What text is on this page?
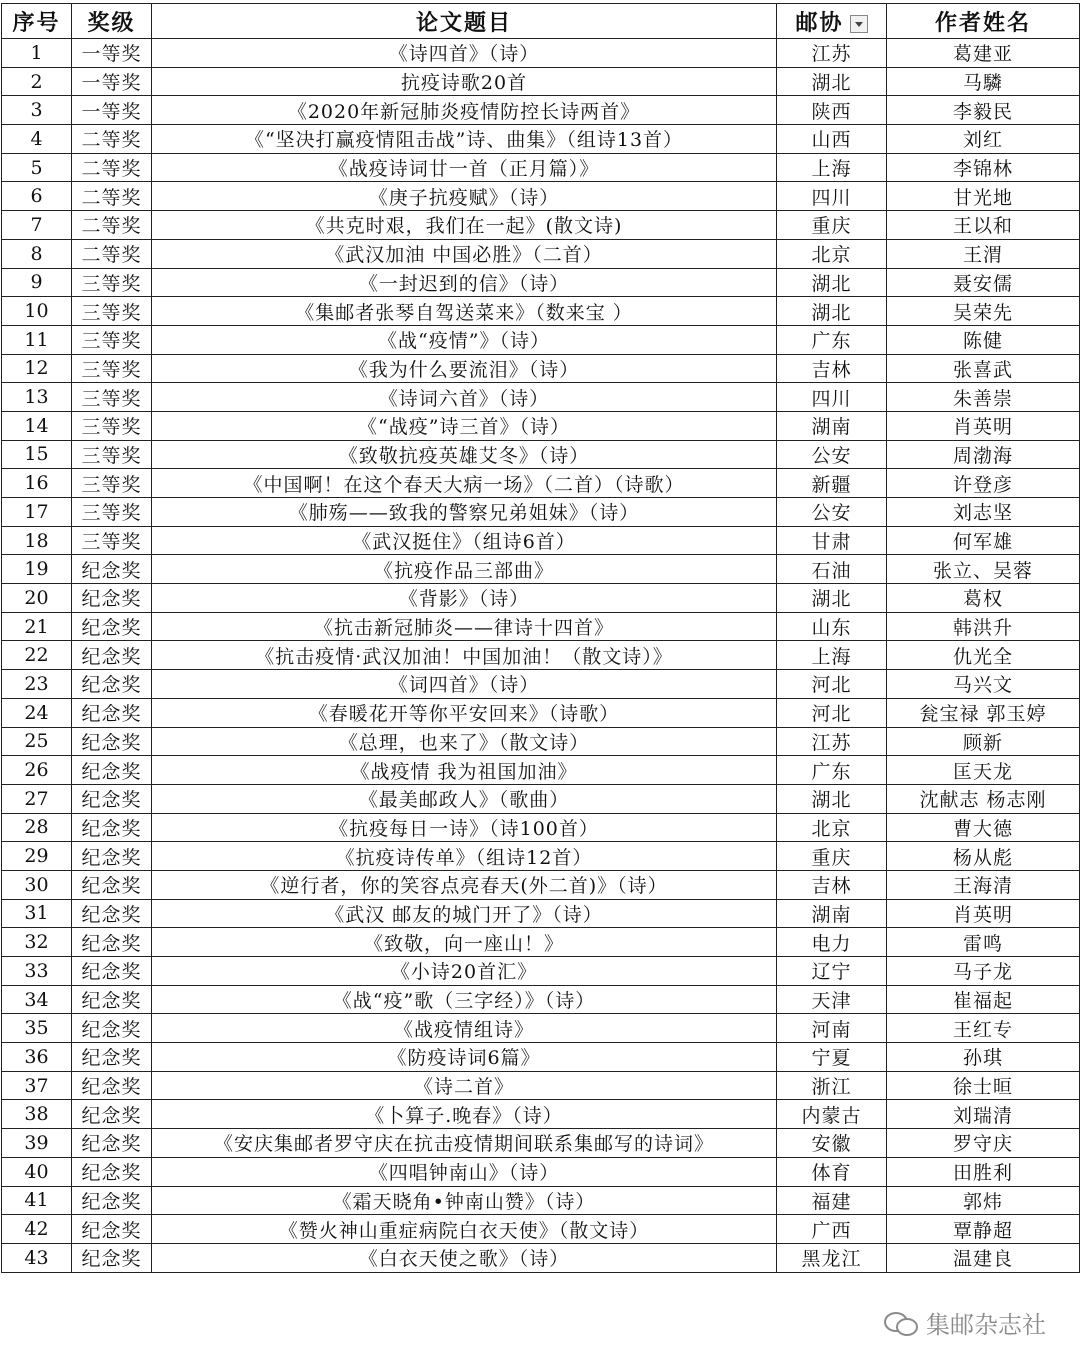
序号	奖级	论文题目	邮协	作者姓名
1	一等奖	《诗四首》（诗）	江苏	葛建亚
2	一等奖	抗疫诗歌20首	湖北	马驎
3	一等奖	《2020年新冠肺炎疫情防控长诗两首》	陕西	李毅民
4	二等奖	《“坚决打赢疫情阻击战”诗、曲集》（组诗13首）	山西	刘红
5	二等奖	《战疫诗词廿一首（正月篇）》	上海	李锦林
6	二等奖	《庚子抗疫赋》（诗）	四川	甘光地
7	二等奖	《共克时艰，我们在一起》(散文诗)	重庆	王以和
8	二等奖	《武汉加油 中国必胜》（二首）	北京	王渭
9	三等奖	《一封迟到的信》（诗）	湖北	聂安儒
10	三等奖	《集邮者张琴自驾送菜来》（数来宝 ）	湖北	吴荣先
11	三等奖	《战“疫情”》（诗）	广东	陈健
12	三等奖	《我为什么要流泪》（诗）	吉林	张喜武
13	三等奖	《诗词六首》（诗）	四川	朱善崇
14	三等奖	《“战疫”诗三首》（诗）	湖南	肖英明
15	三等奖	《致敬抗疫英雄艾冬》（诗）	公安	周渤海
16	三等奖	《中国啊！在这个春天大病一场》（二首）（诗歌）	新疆	许登彦
17	三等奖	《肺殇——致我的警察兄弟姐妹》（诗）	公安	刘志坚
18	三等奖	《武汉挺住》（组诗6首）	甘肃	何军雄
19	纪念奖	《抗疫作品三部曲》	石油	张立、吴蓉
20	纪念奖	《背影》（诗）	湖北	葛权
21	纪念奖	《抗击新冠肺炎——律诗十四首》	山东	韩洪升
22	纪念奖	《抗击疫情·武汉加油！中国加油！（散文诗）》	上海	仇光全
23	纪念奖	《词四首》（诗）	河北	马兴文
24	纪念奖	《春暖花开等你平安回来》（诗歌）	河北	瓮宝禄 郭玉婷
25	纪念奖	《总理，也来了》（散文诗）	江苏	顾新
26	纪念奖	《战疫情 我为祖国加油》	广东	匡天龙
27	纪念奖	《最美邮政人》（歌曲）	湖北	沈献志 杨志刚
28	纪念奖	《抗疫每日一诗》（诗100首）	北京	曹大德
29	纪念奖	《抗疫诗传单》（组诗12首）	重庆	杨从彪
30	纪念奖	《逆行者，你的笑容点亮春天(外二首)》（诗）	吉林	王海清
31	纪念奖	《武汉 邮友的城门开了》（诗）	湖南	肖英明
32	纪念奖	《致敬，向一座山！》	电力	雷鸣
33	纪念奖	《小诗20首汇》	辽宁	马子龙
34	纪念奖	《战“疫”歌（三字经）》（诗）	天津	崔福起
35	纪念奖	《战疫情组诗》	河南	王红专
36	纪念奖	《防疫诗词6篇》	宁夏	孙琪
37	纪念奖	《诗二首》	浙江	徐士晅
38	纪念奖	《卜算子.晚春》（诗）	内蒙古	刘瑞清
39	纪念奖	《安庆集邮者罗守庆在抗击疫情期间联系集邮写的诗词》	安徽	罗守庆
40	纪念奖	《四唱钟南山》（诗）	体育	田胜利
41	纪念奖	《霜天晓角•钟南山赞》（诗）	福建	郭炜
42	纪念奖	《赞火神山重症病院白衣天使》（散文诗）	广西	覃静超
43	纪念奖	《白衣天使之歌》（诗）	黑龙江	温建良
集邮杂志社
